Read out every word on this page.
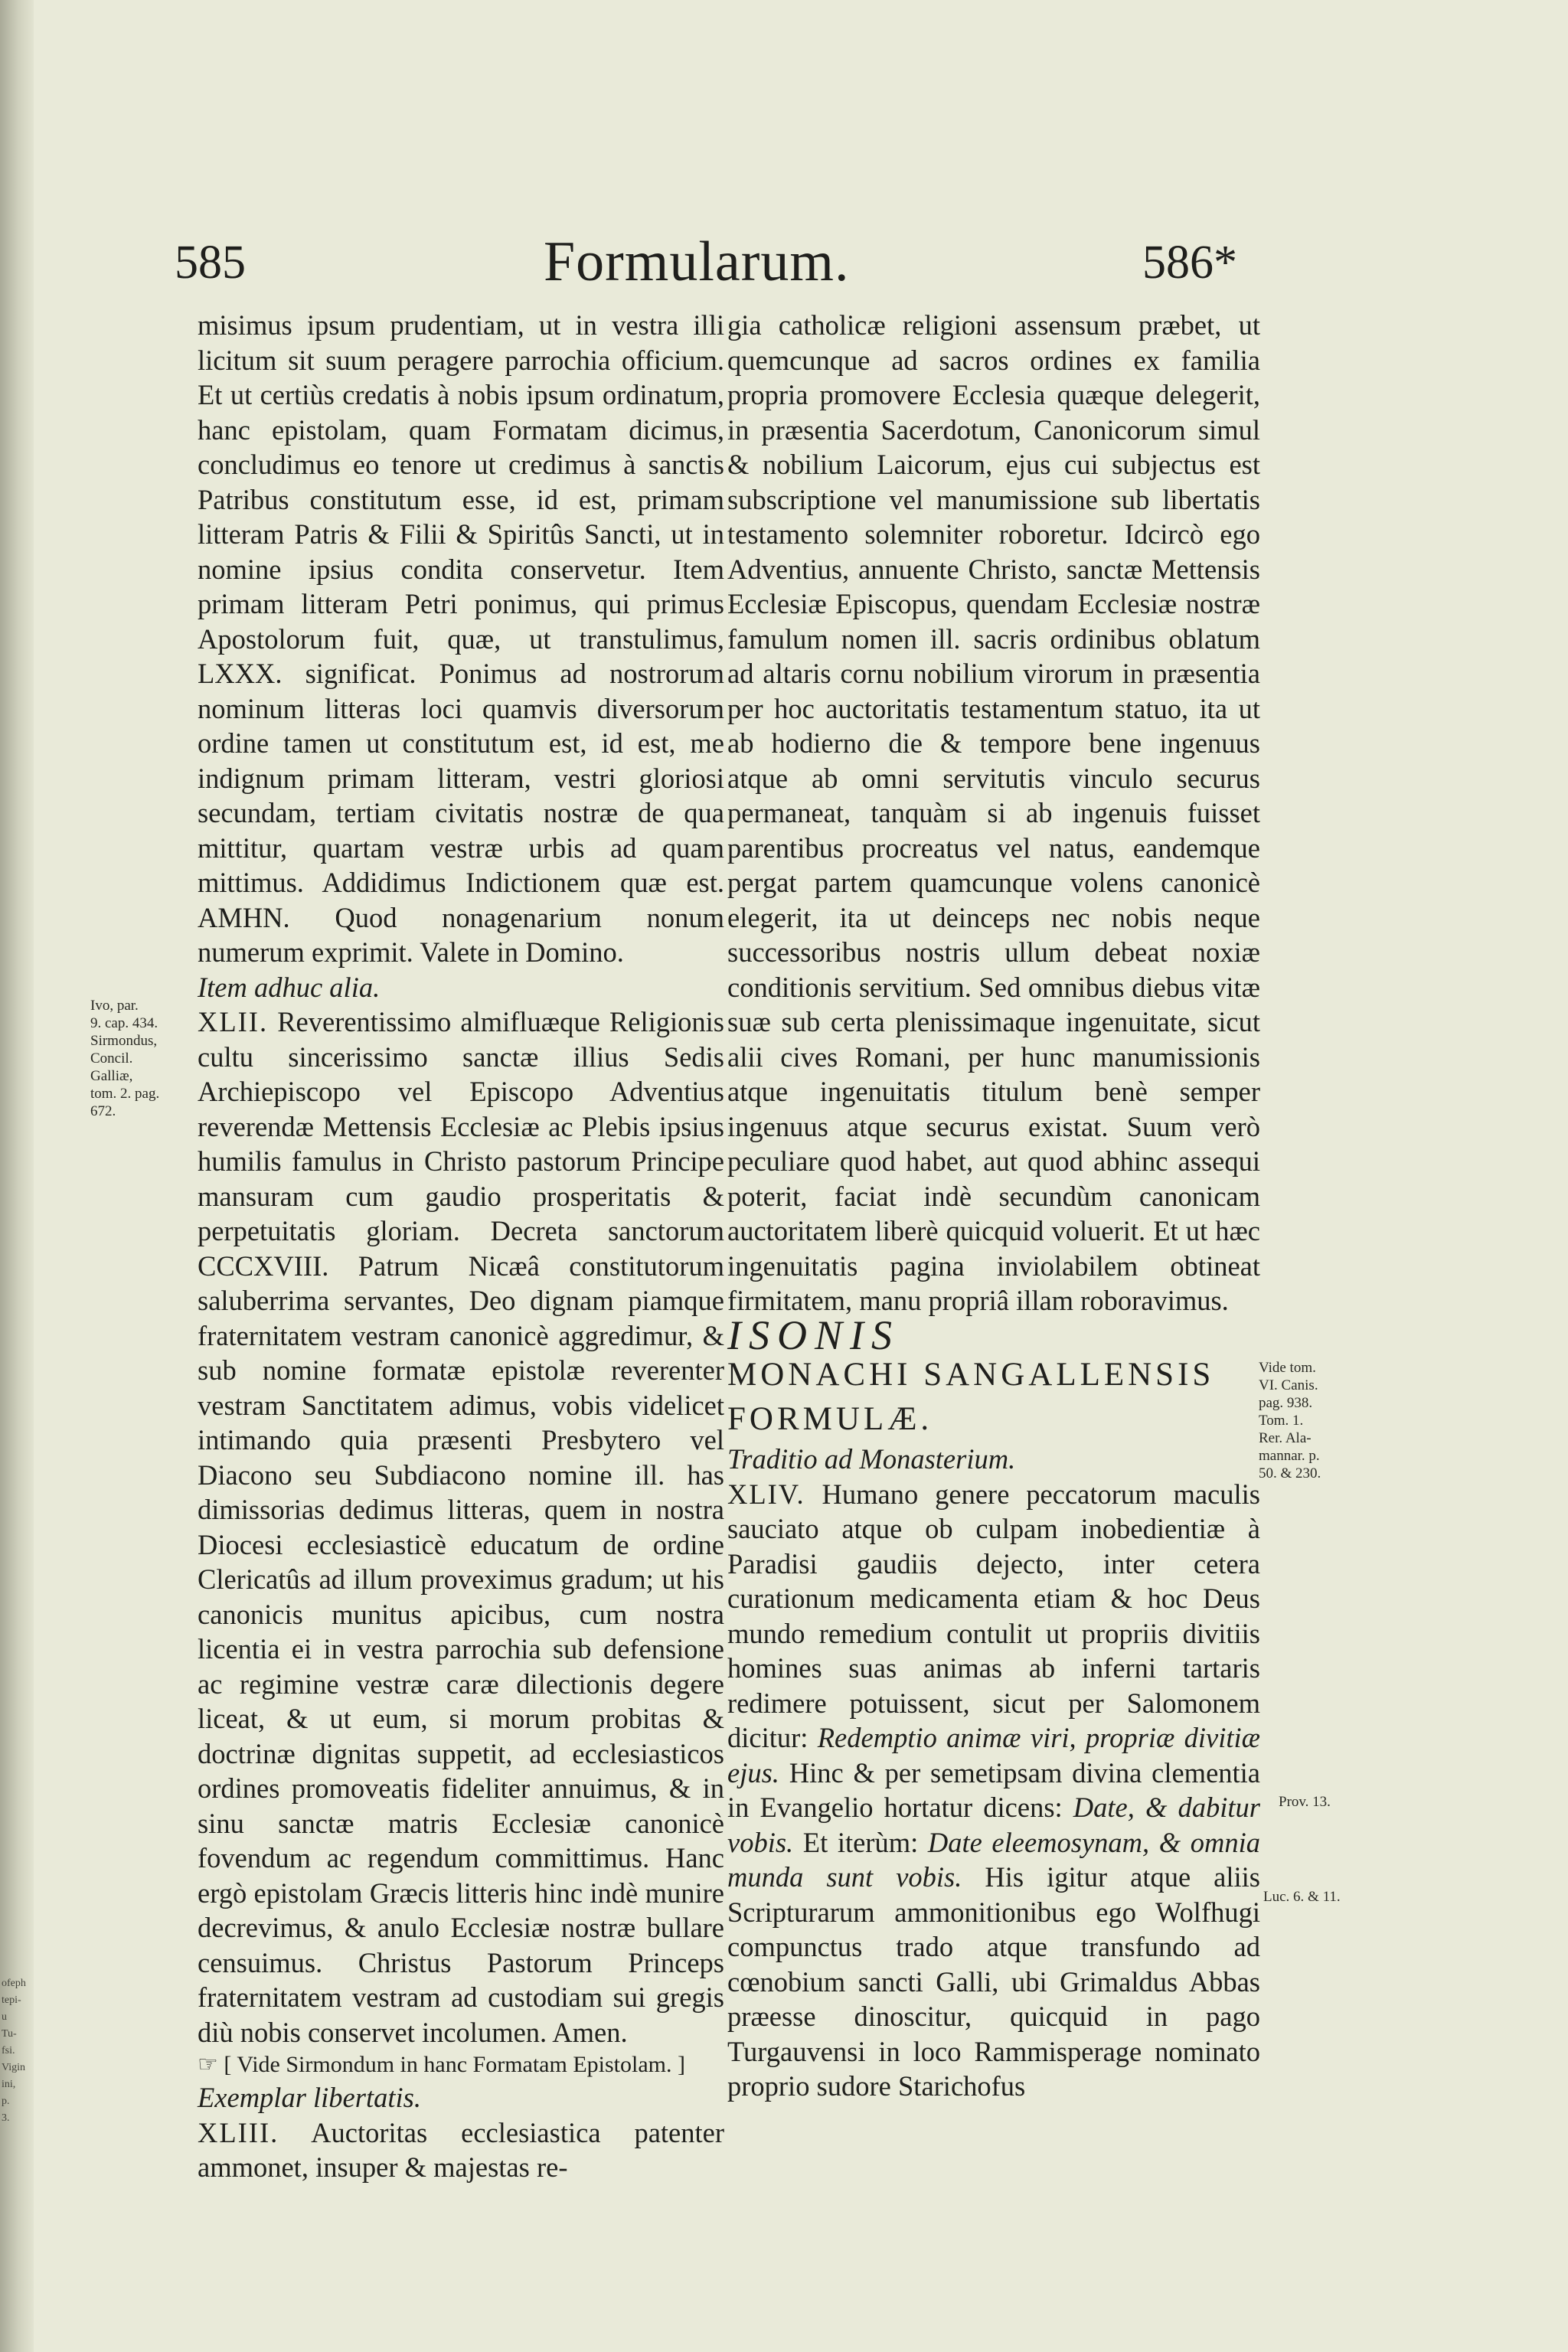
ofeph
tepi-
u Tu-
fsi.
Vigin
ini, p.
3.
585	Formularum.	586*

misimus ipsum prudentiam, ut in vestra illi licitum sit suum peragere parrochia officium. Et ut certiùs credatis à nobis ipsum ordinatum, hanc epistolam, quam Formatam dicimus, concludimus eo tenore ut credimus à sanctis Patribus constitutum esse, id est, primam litteram Patris & Filii & Spiritûs Sancti, ut in nomine ipsius condita conservetur. Item primam litteram Petri ponimus, qui primus Apostolorum fuit, quæ, ut transtulimus, LXXX. significat. Ponimus ad nostrorum nominum litteras loci quamvis diversorum ordine tamen ut constitutum est, id est, me indignum primam litteram, vestri gloriosi secundam, tertiam civitatis nostræ de qua mittitur, quartam vestræ urbis ad quam mittimus. Addidimus Indictionem quæ est. AMHN. Quod nonagenarium nonum numerum exprimit. Valete in Domino.

Item adhuc alia.

XLII. Reverentissimo almifluæque Religionis cultu sincerissimo sanctæ illius Sedis Archiepiscopo vel Episcopo Adventius reverendæ Mettensis Ecclesiæ ac Plebis ipsius humilis famulus in Christo pastorum Principe mansuram cum gaudio prosperitatis & perpetuitatis gloriam. Decreta sanctorum CCCXVIII. Patrum Nicæâ constitutorum saluberrima servantes, Deo dignam piamque fraternitatem vestram canonicè aggredimur, & sub nomine formatæ epistolæ reverenter vestram Sanctitatem adimus, vobis videlicet intimando quia præsenti Presbytero vel Diacono seu Subdiacono nomine ill. has dimissorias dedimus litteras, quem in nostra Diocesi ecclesiasticè educatum de ordine Clericatûs ad illum proveximus gradum; ut his canonicis munitus apicibus, cum nostra licentia ei in vestra parrochia sub defensione ac regimine vestræ caræ dilectionis degere liceat, & ut eum, si morum probitas & doctrinæ dignitas suppetit, ad ecclesiasticos ordines promoveatis fideliter annuimus, & in sinu sanctæ matris Ecclesiæ canonicè fovendum ac regendum committimus. Hanc ergò epistolam Græcis litteris hinc indè munire decrevimus, & anulo Ecclesiæ nostræ bullare censuimus. Christus Pastorum Princeps fraternitatem vestram ad custodiam sui gregis diù nobis conservet incolumen. Amen.

☞ [ Vide Sirmondum in hanc Formatam Epistolam. ]

Exemplar libertatis.

XLIII. Auctoritas ecclesiastica patenter ammonet, insuper & majestas re-

gia catholicæ religioni assensum præbet, ut quemcunque ad sacros ordines ex familia propria promovere Ecclesia quæque delegerit, in præsentia Sacerdotum, Canonicorum simul & nobilium Laicorum, ejus cui subjectus est subscriptione vel manumissione sub libertatis testamento solemniter roboretur. Idcircò ego Adventius, annuente Christo, sanctæ Mettensis Ecclesiæ Episcopus, quendam Ecclesiæ nostræ famulum nomen ill. sacris ordinibus oblatum ad altaris cornu nobilium virorum in præsentia per hoc auctoritatis testamentum statuo, ita ut ab hodierno die & tempore bene ingenuus atque ab omni servitutis vinculo securus permaneat, tanquàm si ab ingenuis fuisset parentibus procreatus vel natus, eandemque pergat partem quamcunque volens canonicè elegerit, ita ut deinceps nec nobis neque successoribus nostris ullum debeat noxiæ conditionis servitium. Sed omnibus diebus vitæ suæ sub certa plenissimaque ingenuitate, sicut alii cives Romani, per hunc manumissionis atque ingenuitatis titulum benè semper ingenuus atque securus existat. Suum verò peculiare quod habet, aut quod abhinc assequi poterit, faciat indè secundùm canonicam auctoritatem liberè quicquid voluerit. Et ut hæc ingenuitatis pagina inviolabilem obtineat firmitatem, manu propriâ illam roboravimus.

ISONIS

MONACHI SANGALLENSIS

FORMULÆ.

Traditio ad Monasterium.

XLIV. Humano genere peccatorum maculis sauciato atque ob culpam inobedientiæ à Paradisi gaudiis dejecto, inter cetera curationum medicamenta etiam & hoc Deus mundo remedium contulit ut propriis divitiis homines suas animas ab inferni tartaris redimere potuissent, sicut per Salomonem dicitur: Redemptio animæ viri, propriæ divitiæ ejus. Hinc & per semetipsam divina clementia in Evangelio hortatur dicens: Date, & dabitur vobis. Et iterùm: Date eleemosynam, & omnia munda sunt vobis. His igitur atque aliis Scripturarum ammonitionibus ego Wolfhugi compunctus trado atque transfundo ad cœnobium sancti Galli, ubi Grimaldus Abbas præesse dinoscitur, quicquid in pago Turgauvensi in loco Rammisperage nominato proprio sudore Starichofus

Ivo, par.
9. cap. 434.
Sirmondus,
Concil.
Galliæ,
tom. 2. pag.
672.
Vide tom.
VI. Canis.
pag. 938.
Tom. 1.
Rer. Ala-
mannar. p.
50. & 230.
Prov. 13.
Luc. 6. & 11.
